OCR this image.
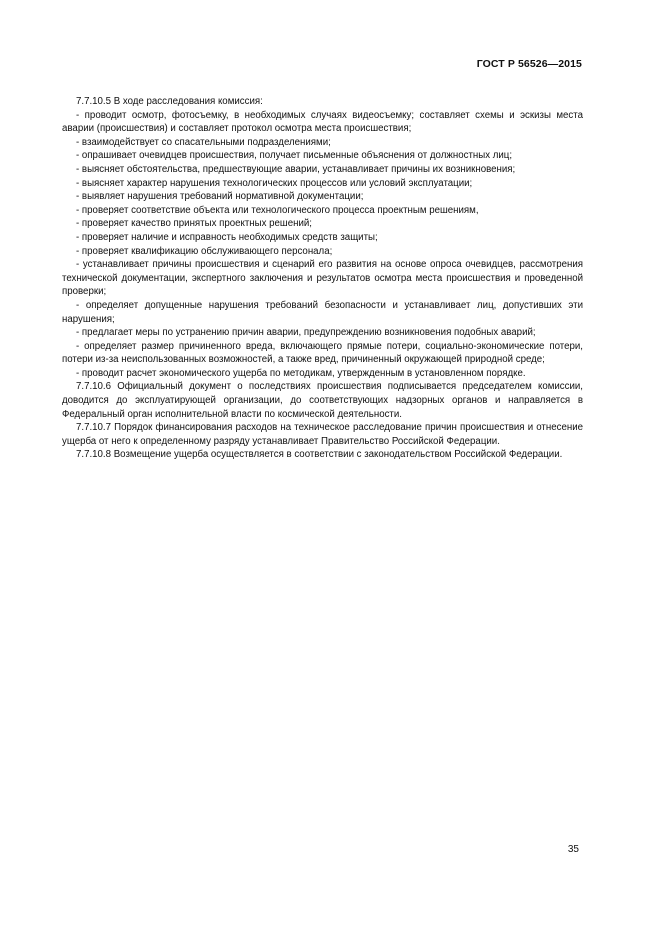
ГОСТ Р 56526—2015

7.7.10.5 В ходе расследования комиссия:

- проводит осмотр, фотосъемку, в необходимых случаях видеосъемку; составляет схемы и эскизы места аварии (происшествия) и составляет протокол осмотра места происшествия;

- взаимодействует со спасательными подразделениями;

- опрашивает очевидцев происшествия, получает письменные объяснения от должностных лиц;

- выясняет обстоятельства, предшествующие аварии, устанавливает причины их возникновения;

- выясняет характер нарушения технологических процессов или условий эксплуатации;

- выявляет нарушения требований нормативной документации;

- проверяет соответствие объекта или технологического процесса проектным решениям,

- проверяет качество принятых проектных решений;

- проверяет наличие и исправность необходимых средств защиты;

- проверяет квалификацию обслуживающего персонала;

- устанавливает причины происшествия и сценарий его развития на основе опроса очевидцев, рассмотрения технической документации, экспертного заключения и результатов осмотра места происшествия и проведенной проверки;

- определяет допущенные нарушения требований безопасности и устанавливает лиц, допустивших эти нарушения;

- предлагает меры по устранению причин аварии, предупреждению возникновения подобных аварий;

- определяет размер причиненного вреда, включающего прямые потери, социально-экономические потери, потери из-за неиспользованных возможностей, а также вред, причиненный окружающей природной среде;

- проводит расчет экономического ущерба по методикам, утвержденным в установленном порядке.

7.7.10.6 Официальный документ о последствиях происшествия подписывается председателем комиссии, доводится до эксплуатирующей организации, до соответствующих надзорных органов и направляется в Федеральный орган исполнительной власти по космической деятельности.

7.7.10.7 Порядок финансирования расходов на техническое расследование причин происшествия и отнесение ущерба от него к определенному разряду устанавливает Правительство Российской Федерации.

7.7.10.8 Возмещение ущерба осуществляется в соответствии с законодательством Российской Федерации.

35
